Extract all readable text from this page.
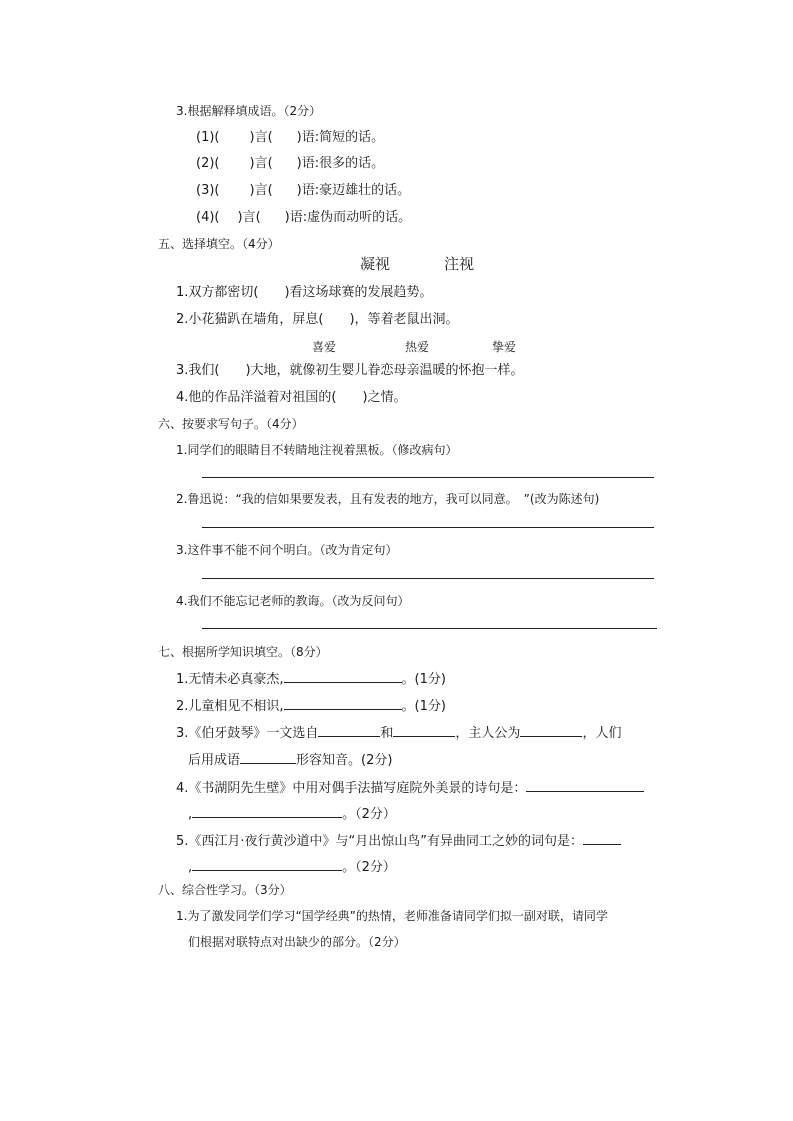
3.根据解释填成语。（2分）
(1)( )言( )语:简短的话。
(2)( )言( )语:很多的话。
(3)( )言( )语:豪迈雄壮的话。
(4)( )言( )语:虚伪而动听的话。
五、选择填空。（4分）
凝视	注视
1.双方都密切(　　)看这场球赛的发展趋势。
2.小花猫趴在墙角，屏息(　　)，等着老鼠出洞。
喜爱	热爱	挚爱
3.我们(　　)大地，就像初生婴儿眷恋母亲温暖的怀抱一样。
4.他的作品洋溢着对祖国的(　　)之情。
六、按要求写句子。（4分）
1.同学们的眼睛目不转睛地注视着黑板。（修改病句）
2.鲁迅说：“我的信如果要发表，且有发表的地方，我可以同意。　”(改为陈述句)
3.这件事不能不问个明白。（改为肯定句）
4.我们不能忘记老师的教诲。（改为反问句）
七、根据所学知识填空。（8分）
1.无情未必真豪杰,	。(1分)
2.儿童相见不相识,	。(1分)
3.《伯牙鼓琴》一文选自	和	，主人公为	，人们
后用成语	形容知音。(2分)
4.《书湖阴先生壁》中用对偶手法描写庭院外美景的诗句是：
,	。（2分）
5.《西江月·夜行黄沙道中》与“月出惊山鸟”有异曲同工之妙的词句是：
,	。（2分）
八、综合性学习。（3分）
1.为了激发同学们学习“国学经典”的热情，老师准备请同学们拟一副对联，请同学
们根据对联特点对出缺少的部分。（2分）
